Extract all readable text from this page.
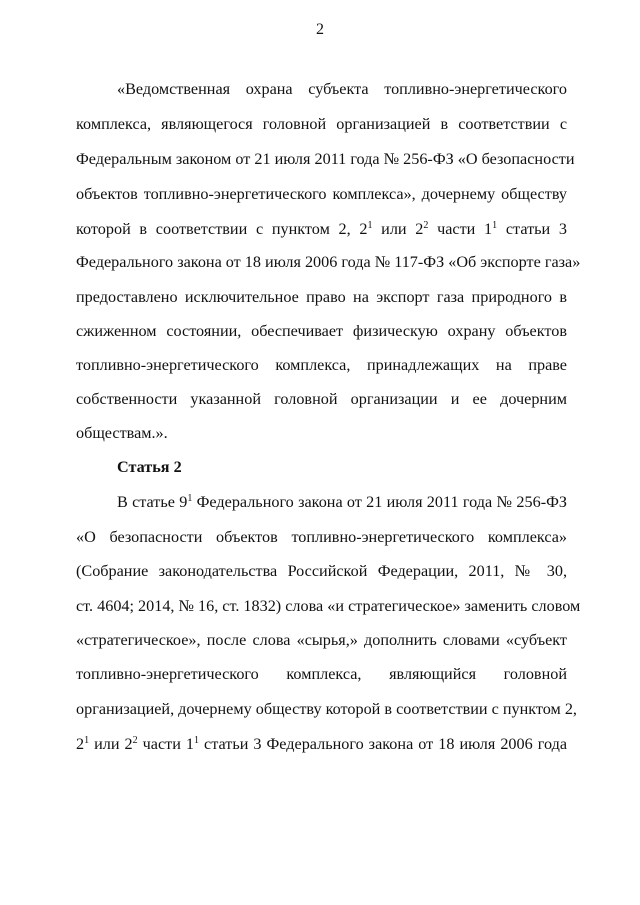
2
«Ведомственная охрана субъекта топливно-энергетического
комплекса, являющегося головной организацией в соответствии с
Федеральным законом от 21 июля 2011 года № 256-ФЗ «О безопасности
объектов топливно-энергетического комплекса», дочернему обществу
которой в соответствии с пунктом 2, $2^1$ или $2^2$ части $1^1$ статьи 3
Федерального закона от 18 июля 2006 года № 117-ФЗ «Об экспорте газа»
предоставлено исключительное право на экспорт газа природного в
сжиженном состоянии, обеспечивает физическую охрану объектов
топливно-энергетического комплекса, принадлежащих на праве
собственности указанной головной организации и ее дочерним
обществам.».
Статья 2
В статье $9^1$ Федерального закона от 21 июля 2011 года № 256-ФЗ
«О безопасности объектов топливно-энергетического комплекса»
(Собрание законодательства Российской Федерации, 2011, № 30,
ст. 4604; 2014, № 16, ст. 1832) слова «и стратегическое» заменить словом
«стратегическое», после слова «сырья,» дополнить словами «субъект
топливно-энергетического комплекса, являющийся головной
организацией, дочернему обществу которой в соответствии с пунктом 2,
$2^1$ или $2^2$ части $1^1$ статьи 3 Федерального закона от 18 июля 2006 года
